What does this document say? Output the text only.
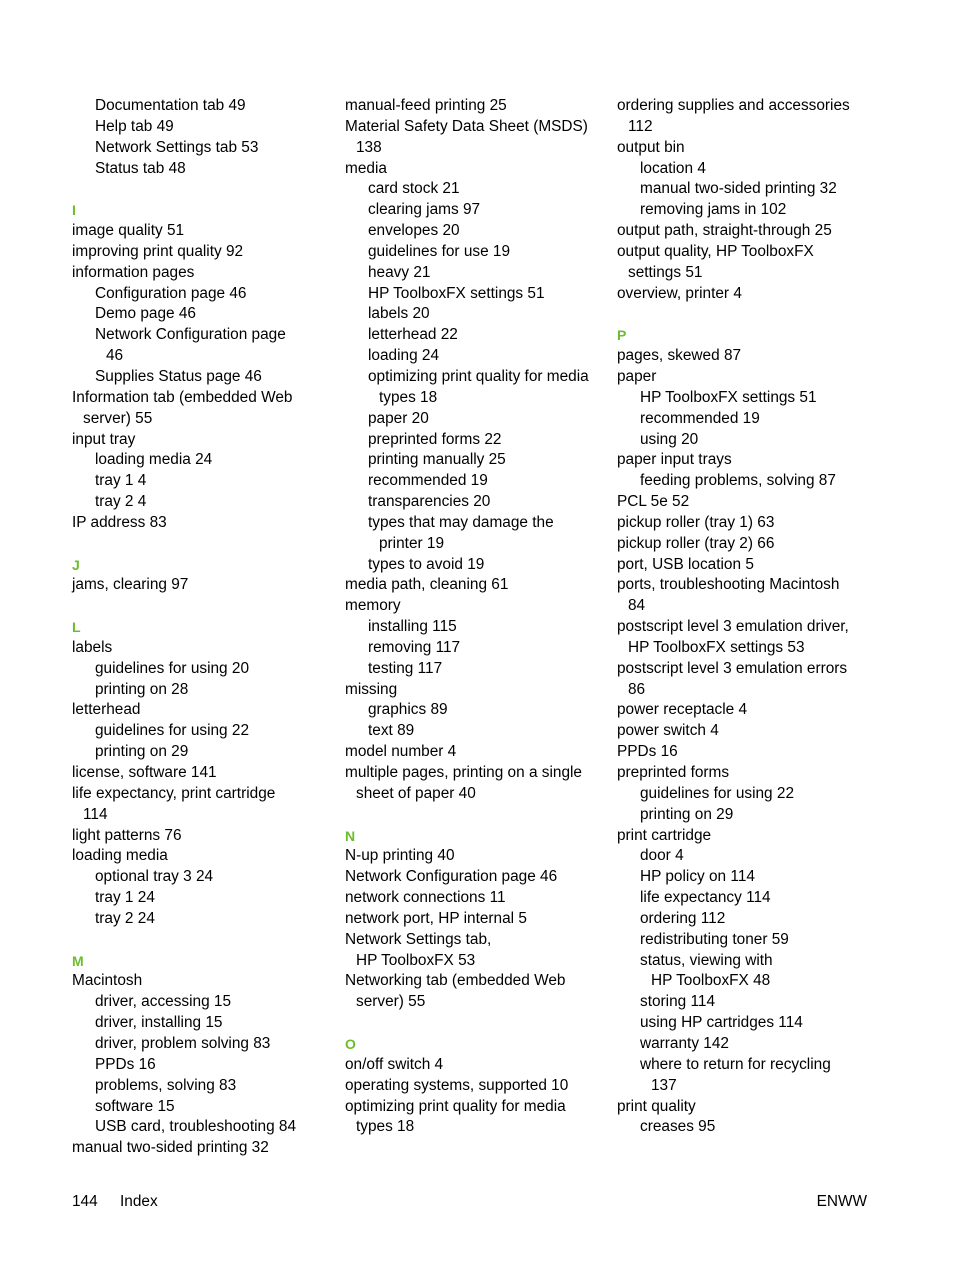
Documentation tab 49
Help tab 49
Network Settings tab 53
Status tab 48
I
image quality 51
improving print quality 92
information pages
Configuration page 46
Demo page 46
Network Configuration page
46
Supplies Status page 46
Information tab (embedded Web
server) 55
input tray
loading media 24
tray 1 4
tray 2 4
IP address 83
J
jams, clearing 97
L
labels
guidelines for using 20
printing on 28
letterhead
guidelines for using 22
printing on 29
license, software 141
life expectancy, print cartridge
114
light patterns 76
loading media
optional tray 3 24
tray 1 24
tray 2 24
M
Macintosh
driver, accessing 15
driver, installing 15
driver, problem solving 83
PPDs 16
problems, solving 83
software 15
USB card, troubleshooting 84
manual two-sided printing 32
manual-feed printing 25
Material Safety Data Sheet (MSDS)
138
media
card stock 21
clearing jams 97
envelopes 20
guidelines for use 19
heavy 21
HP ToolboxFX settings 51
labels 20
letterhead 22
loading 24
optimizing print quality for media
types 18
paper 20
preprinted forms 22
printing manually 25
recommended 19
transparencies 20
types that may damage the
printer 19
types to avoid 19
media path, cleaning 61
memory
installing 115
removing 117
testing 117
missing
graphics 89
text 89
model number 4
multiple pages, printing on a single
sheet of paper 40
N
N-up printing 40
Network Configuration page 46
network connections 11
network port, HP internal 5
Network Settings tab,
HP ToolboxFX 53
Networking tab (embedded Web
server) 55
O
on/off switch 4
operating systems, supported 10
optimizing print quality for media
types 18
ordering supplies and accessories
112
output bin
location 4
manual two-sided printing 32
removing jams in 102
output path, straight-through 25
output quality, HP ToolboxFX
settings 51
overview, printer 4
P
pages, skewed 87
paper
HP ToolboxFX settings 51
recommended 19
using 20
paper input trays
feeding problems, solving 87
PCL 5e 52
pickup roller (tray 1) 63
pickup roller (tray 2) 66
port, USB location 5
ports, troubleshooting Macintosh
84
postscript level 3 emulation driver,
HP ToolboxFX settings 53
postscript level 3 emulation errors
86
power receptacle 4
power switch 4
PPDs 16
preprinted forms
guidelines for using 22
printing on 29
print cartridge
door 4
HP policy on 114
life expectancy 114
ordering 112
redistributing toner 59
status, viewing with
HP ToolboxFX 48
storing 114
using HP cartridges 114
warranty 142
where to return for recycling
137
print quality
creases 95
144 Index	ENWW
